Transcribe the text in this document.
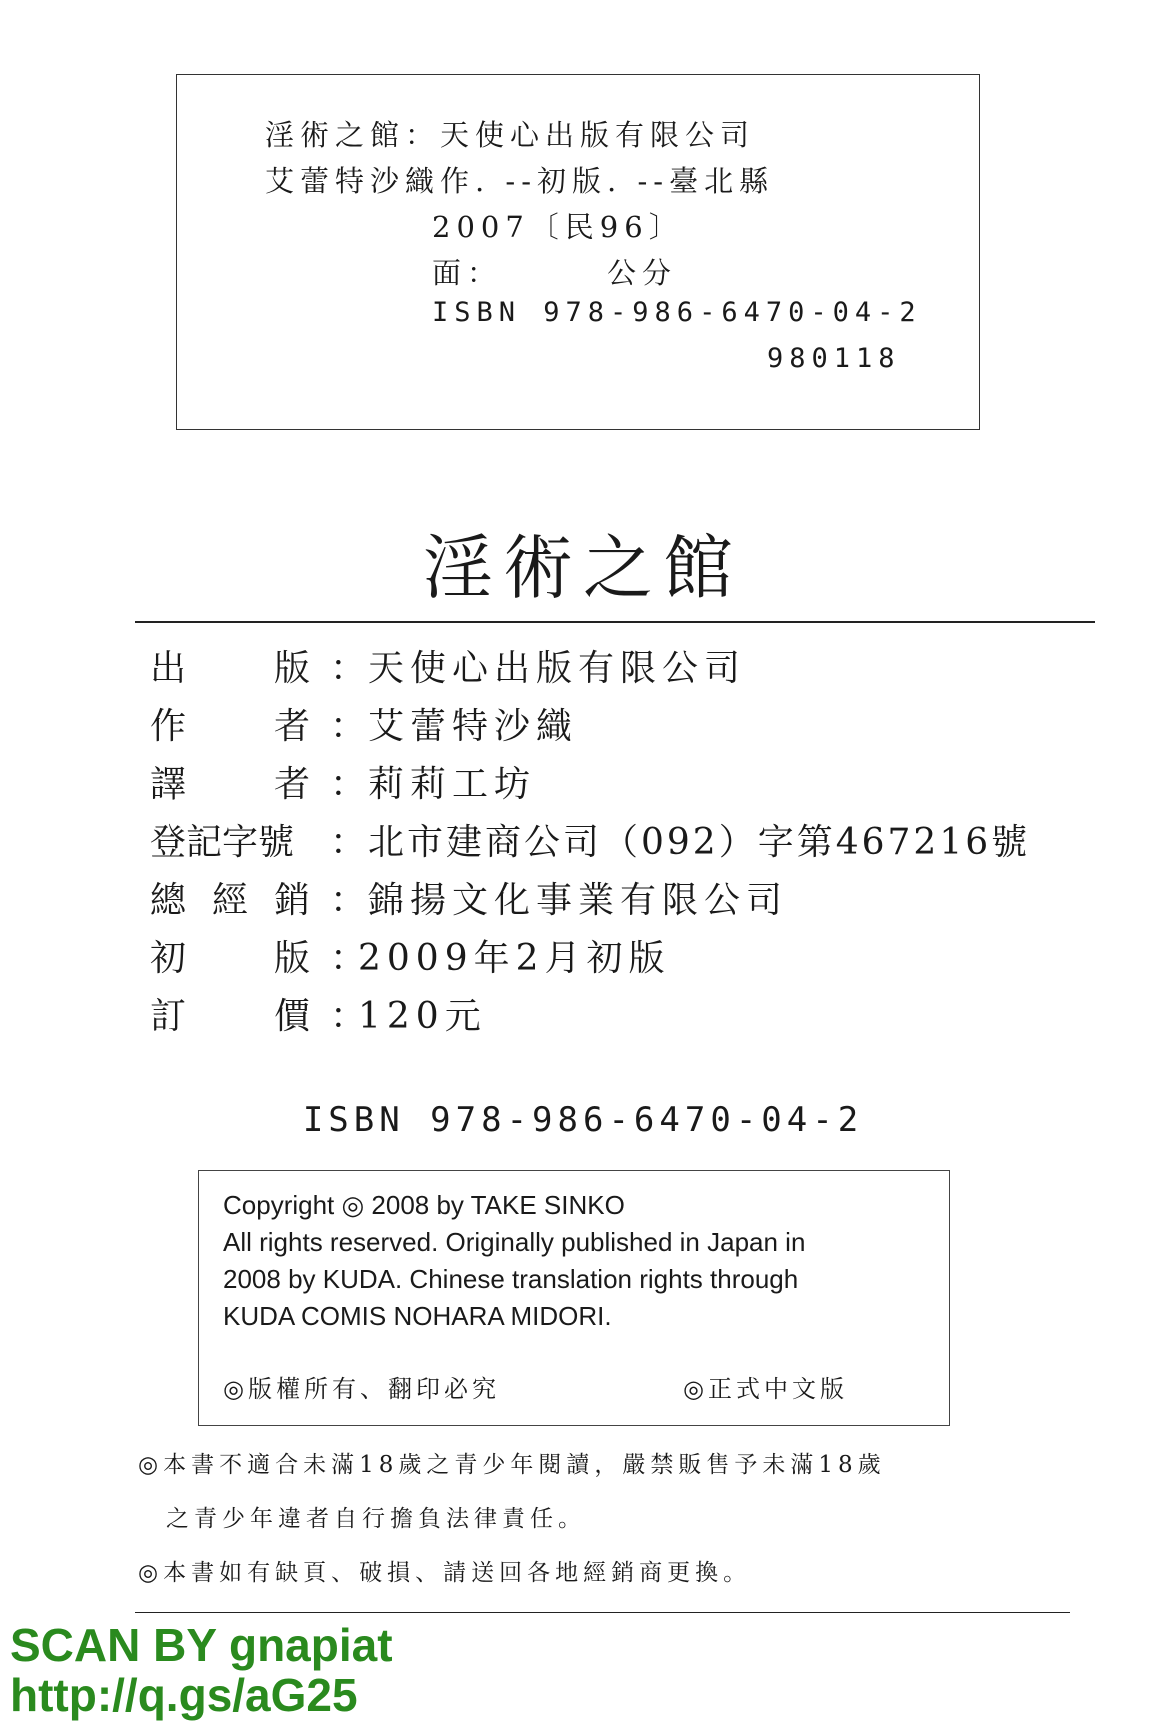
淫術之館：天使心出版有限公司
艾蕾特沙織作. --初版. --臺北縣
2007〔民96〕
面：	公分
ISBN 978-986-6470-04-2
980118
淫術之館
出 版 ： 天使心出版有限公司
作 者 ： 艾蕾特沙織
譯 者 ： 莉莉工坊
登記字號 ： 北市建商公司（092）字第467216號
總 經 銷 ： 錦揚文化事業有限公司
初 版 ：
2009年2月初版
訂 價 ：
120元
ISBN 978-986-6470-04-2
Copyright ◎ 2008 by TAKE SINKO
All rights reserved. Originally published in Japan in
2008 by KUDA. Chinese translation rights through
KUDA COMIS NOHARA MIDORI.
◎版權所有、翻印必究	◎正式中文版
◎本書不適合未滿18歲之青少年閱讀，嚴禁販售予未滿18歲
之青少年違者自行擔負法律責任。
◎本書如有缺頁、破損、請送回各地經銷商更換。
SCAN BY gnapiat
http://q.gs/aG25
